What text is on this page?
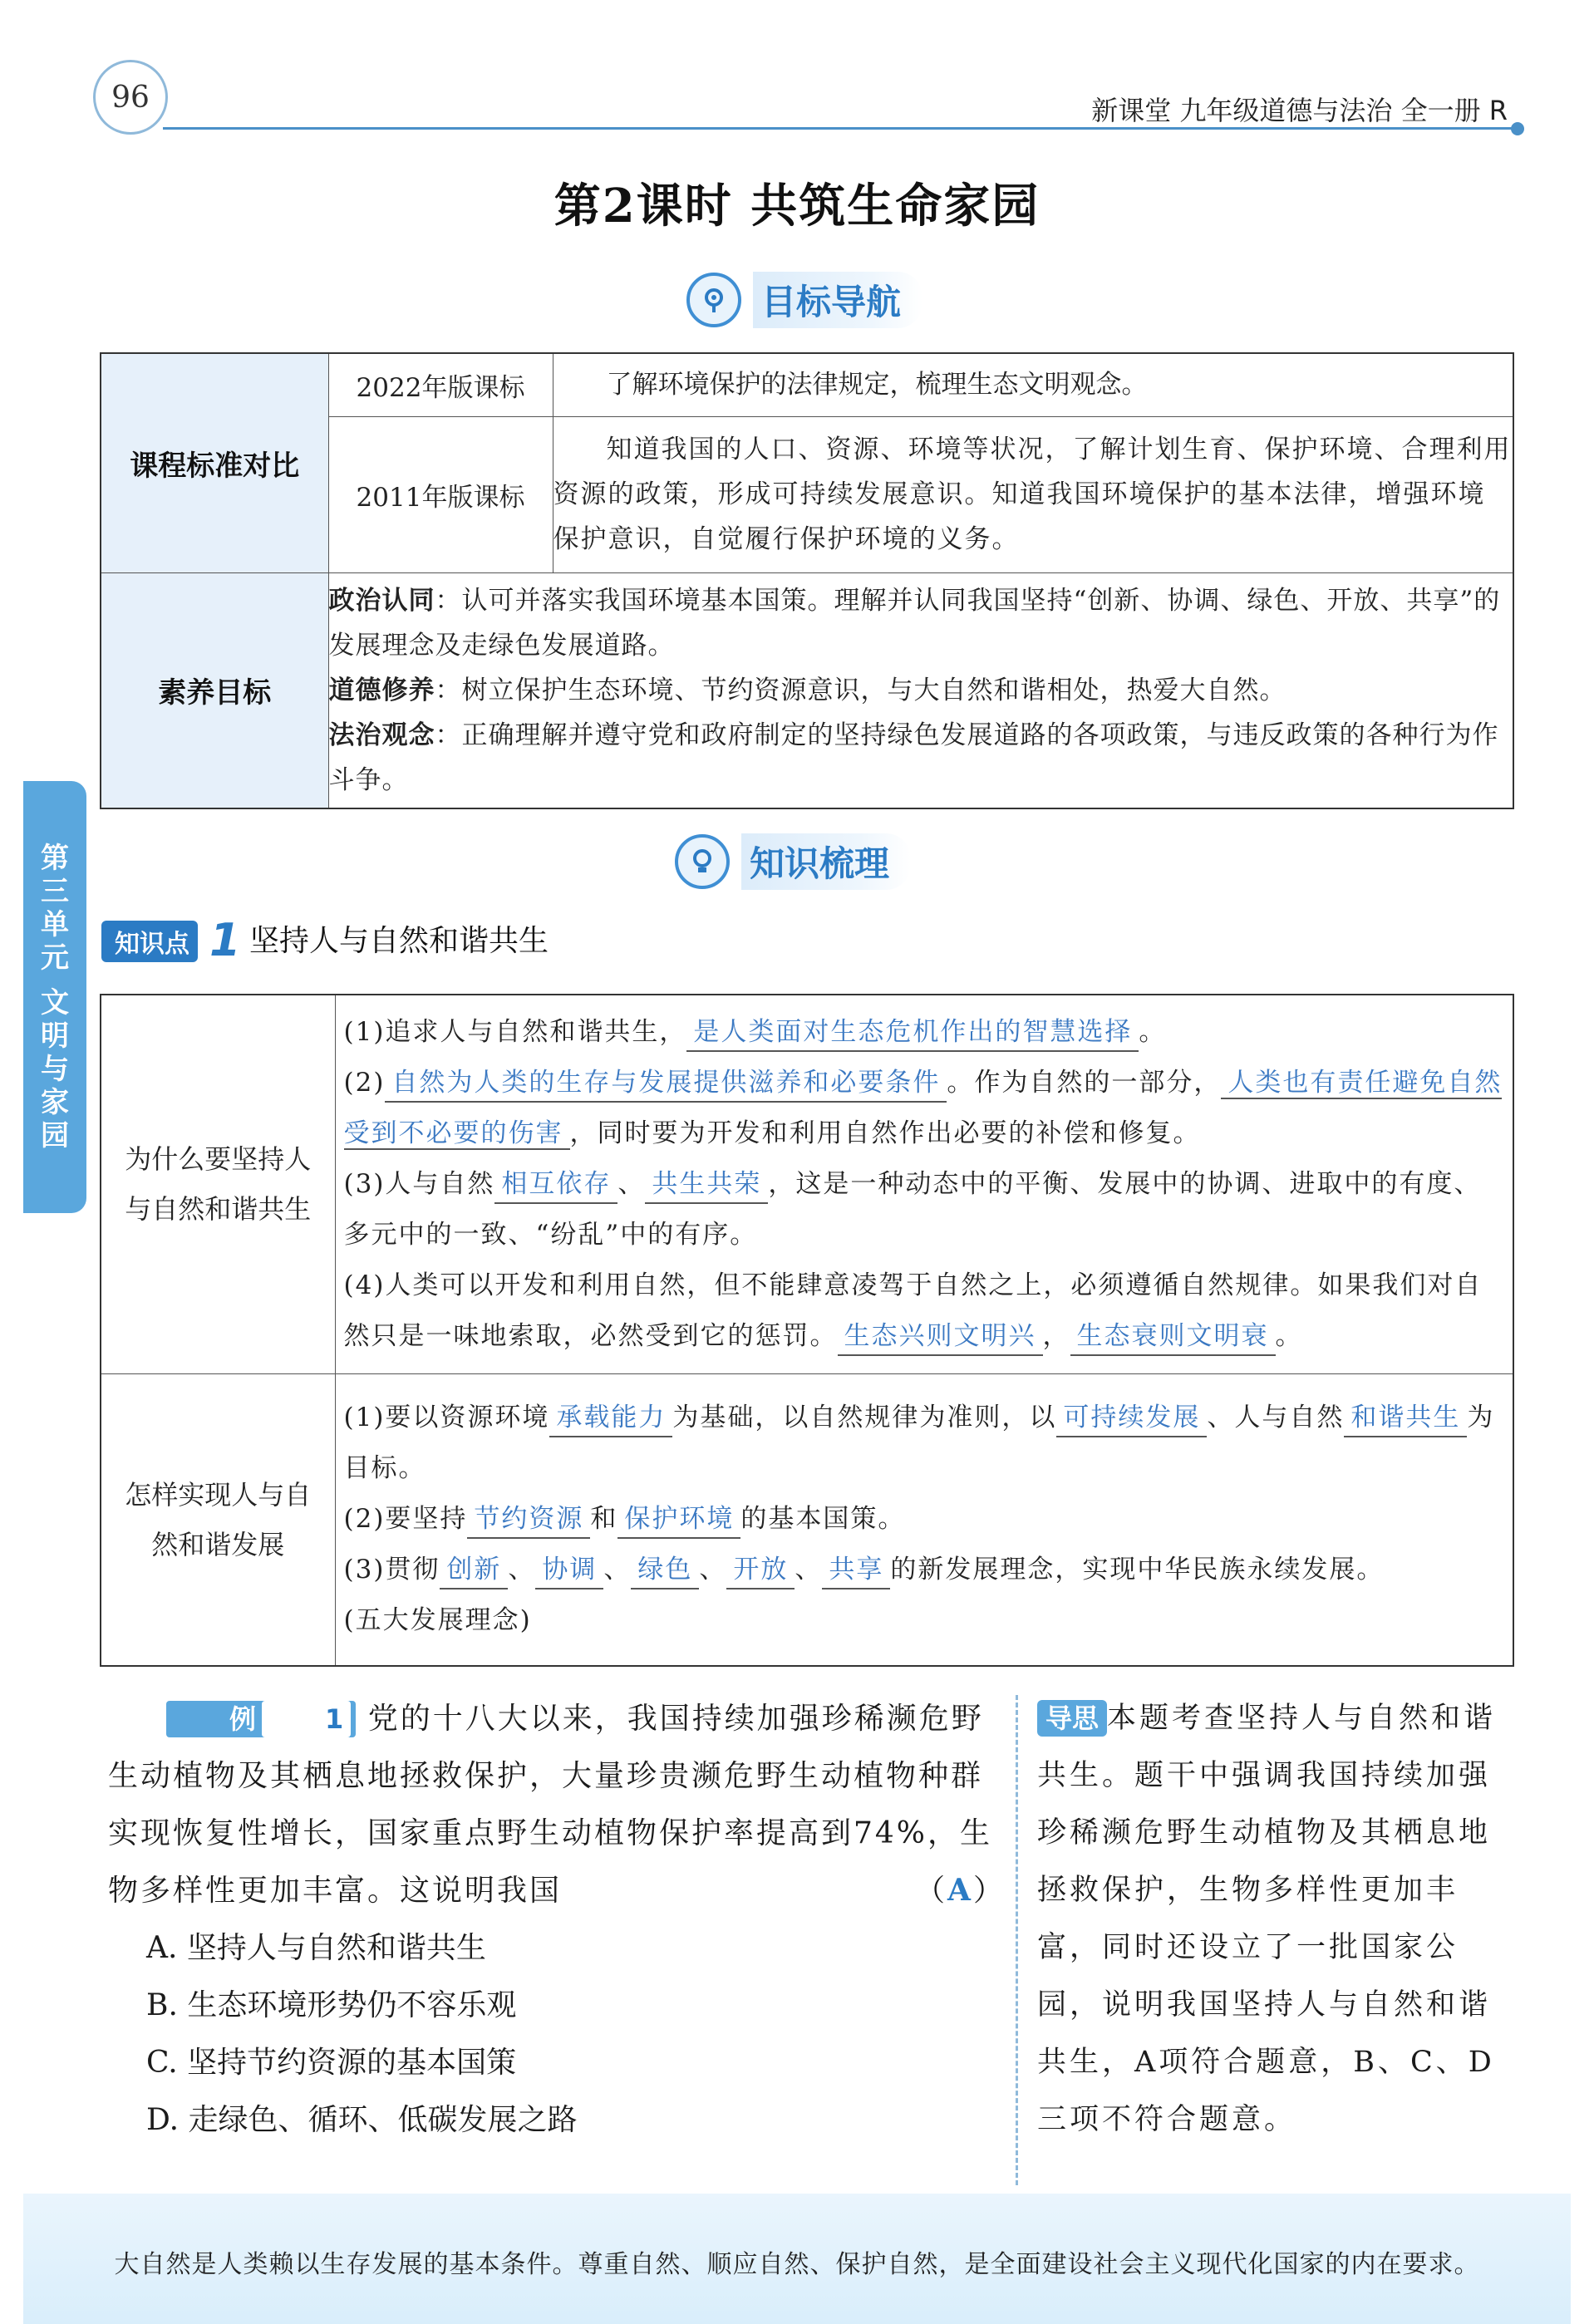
96	新课堂 九年级道德与法治 全一册 R
第2课时 共筑生命家园
第
三
单
元
文
明
与
家
园
目标导航
课程标准对比	2022年版课标	了解环境保护的法律规定，梳理生态文明观念。
	2011年版课标	知道我国的人口、资源、环境等状况，了解计划生育、保护环境、合理利用资源的政策，形成可持续发展意识。知道我国环境保护的基本法律，增强环境保护意识，自觉履行保护环境的义务。
素养目标	政治认同：认可并落实我国环境基本国策。理解并认同我国坚持“创新、协调、绿色、开放、共享”的发展理念及走绿色发展道路。
道德修养：树立保护生态环境、节约资源意识，与大自然和谐相处，热爱大自然。
法治观念：正确理解并遵守党和政府制定的坚持绿色发展道路的各项政策，与违反政策的各种行为作斗争。	
知识梳理
知识点 1 坚持人与自然和谐共生
为什么要坚持人与自然和谐共生	(1)追求人与自然和谐共生， 是人类面对生态危机作出的智慧选择 。
(2) 自然为人类的生存与发展提供滋养和必要条件 。作为自然的一部分， 人类也有责任避免自然受到不必要的伤害 ，同时要为开发和利用自然作出必要的补偿和修复。
(3)人与自然 相互依存 、 共生共荣 ，这是一种动态中的平衡、发展中的协调、进取中的有度、多元中的一致、“纷乱”中的有序。
(4)人类可以开发和利用自然，但不能肆意凌驾于自然之上，必须遵循自然规律。如果我们对自然只是一味地索取，必然受到它的惩罚。 生态兴则文明兴 ， 生态衰则文明衰 。

怎样实现人与自然和谐发展	(1)要以资源环境 承载能力 为基础，以自然规律为准则，以 可持续发展 、人与自然 和谐共生 为目标。
(2)要坚持 节约资源 和 保护环境 的基本国策。
(3)贯彻 创新 、 协调 、 绿色 、 开放 、 共享 的新发展理念，实现中华民族永续发展。
(五大发展理念)
例	1 党的十八大以来，我国持续加强珍稀濒危野生动植物及其栖息地拯救保护，大量珍贵濒危野生动植物种群实现恢复性增长，国家重点野生动植物保护率提高到74%，生物多样性更加丰富。这说明我国	（A）
A. 坚持人与自然和谐共生
B. 生态环境形势仍不容乐观
C. 坚持节约资源的基本国策
D. 走绿色、循环、低碳发展之路
导思 本题考查坚持人与自然和谐共生。题干中强调我国持续加强珍稀濒危野生动植物及其栖息地拯救保护，生物多样性更加丰富，同时还设立了一批国家公园，说明我国坚持人与自然和谐共生，A项符合题意，B、C、D三项不符合题意。
大自然是人类赖以生存发展的基本条件。尊重自然、顺应自然、保护自然，是全面建设社会主义现代化国家的内在要求。
